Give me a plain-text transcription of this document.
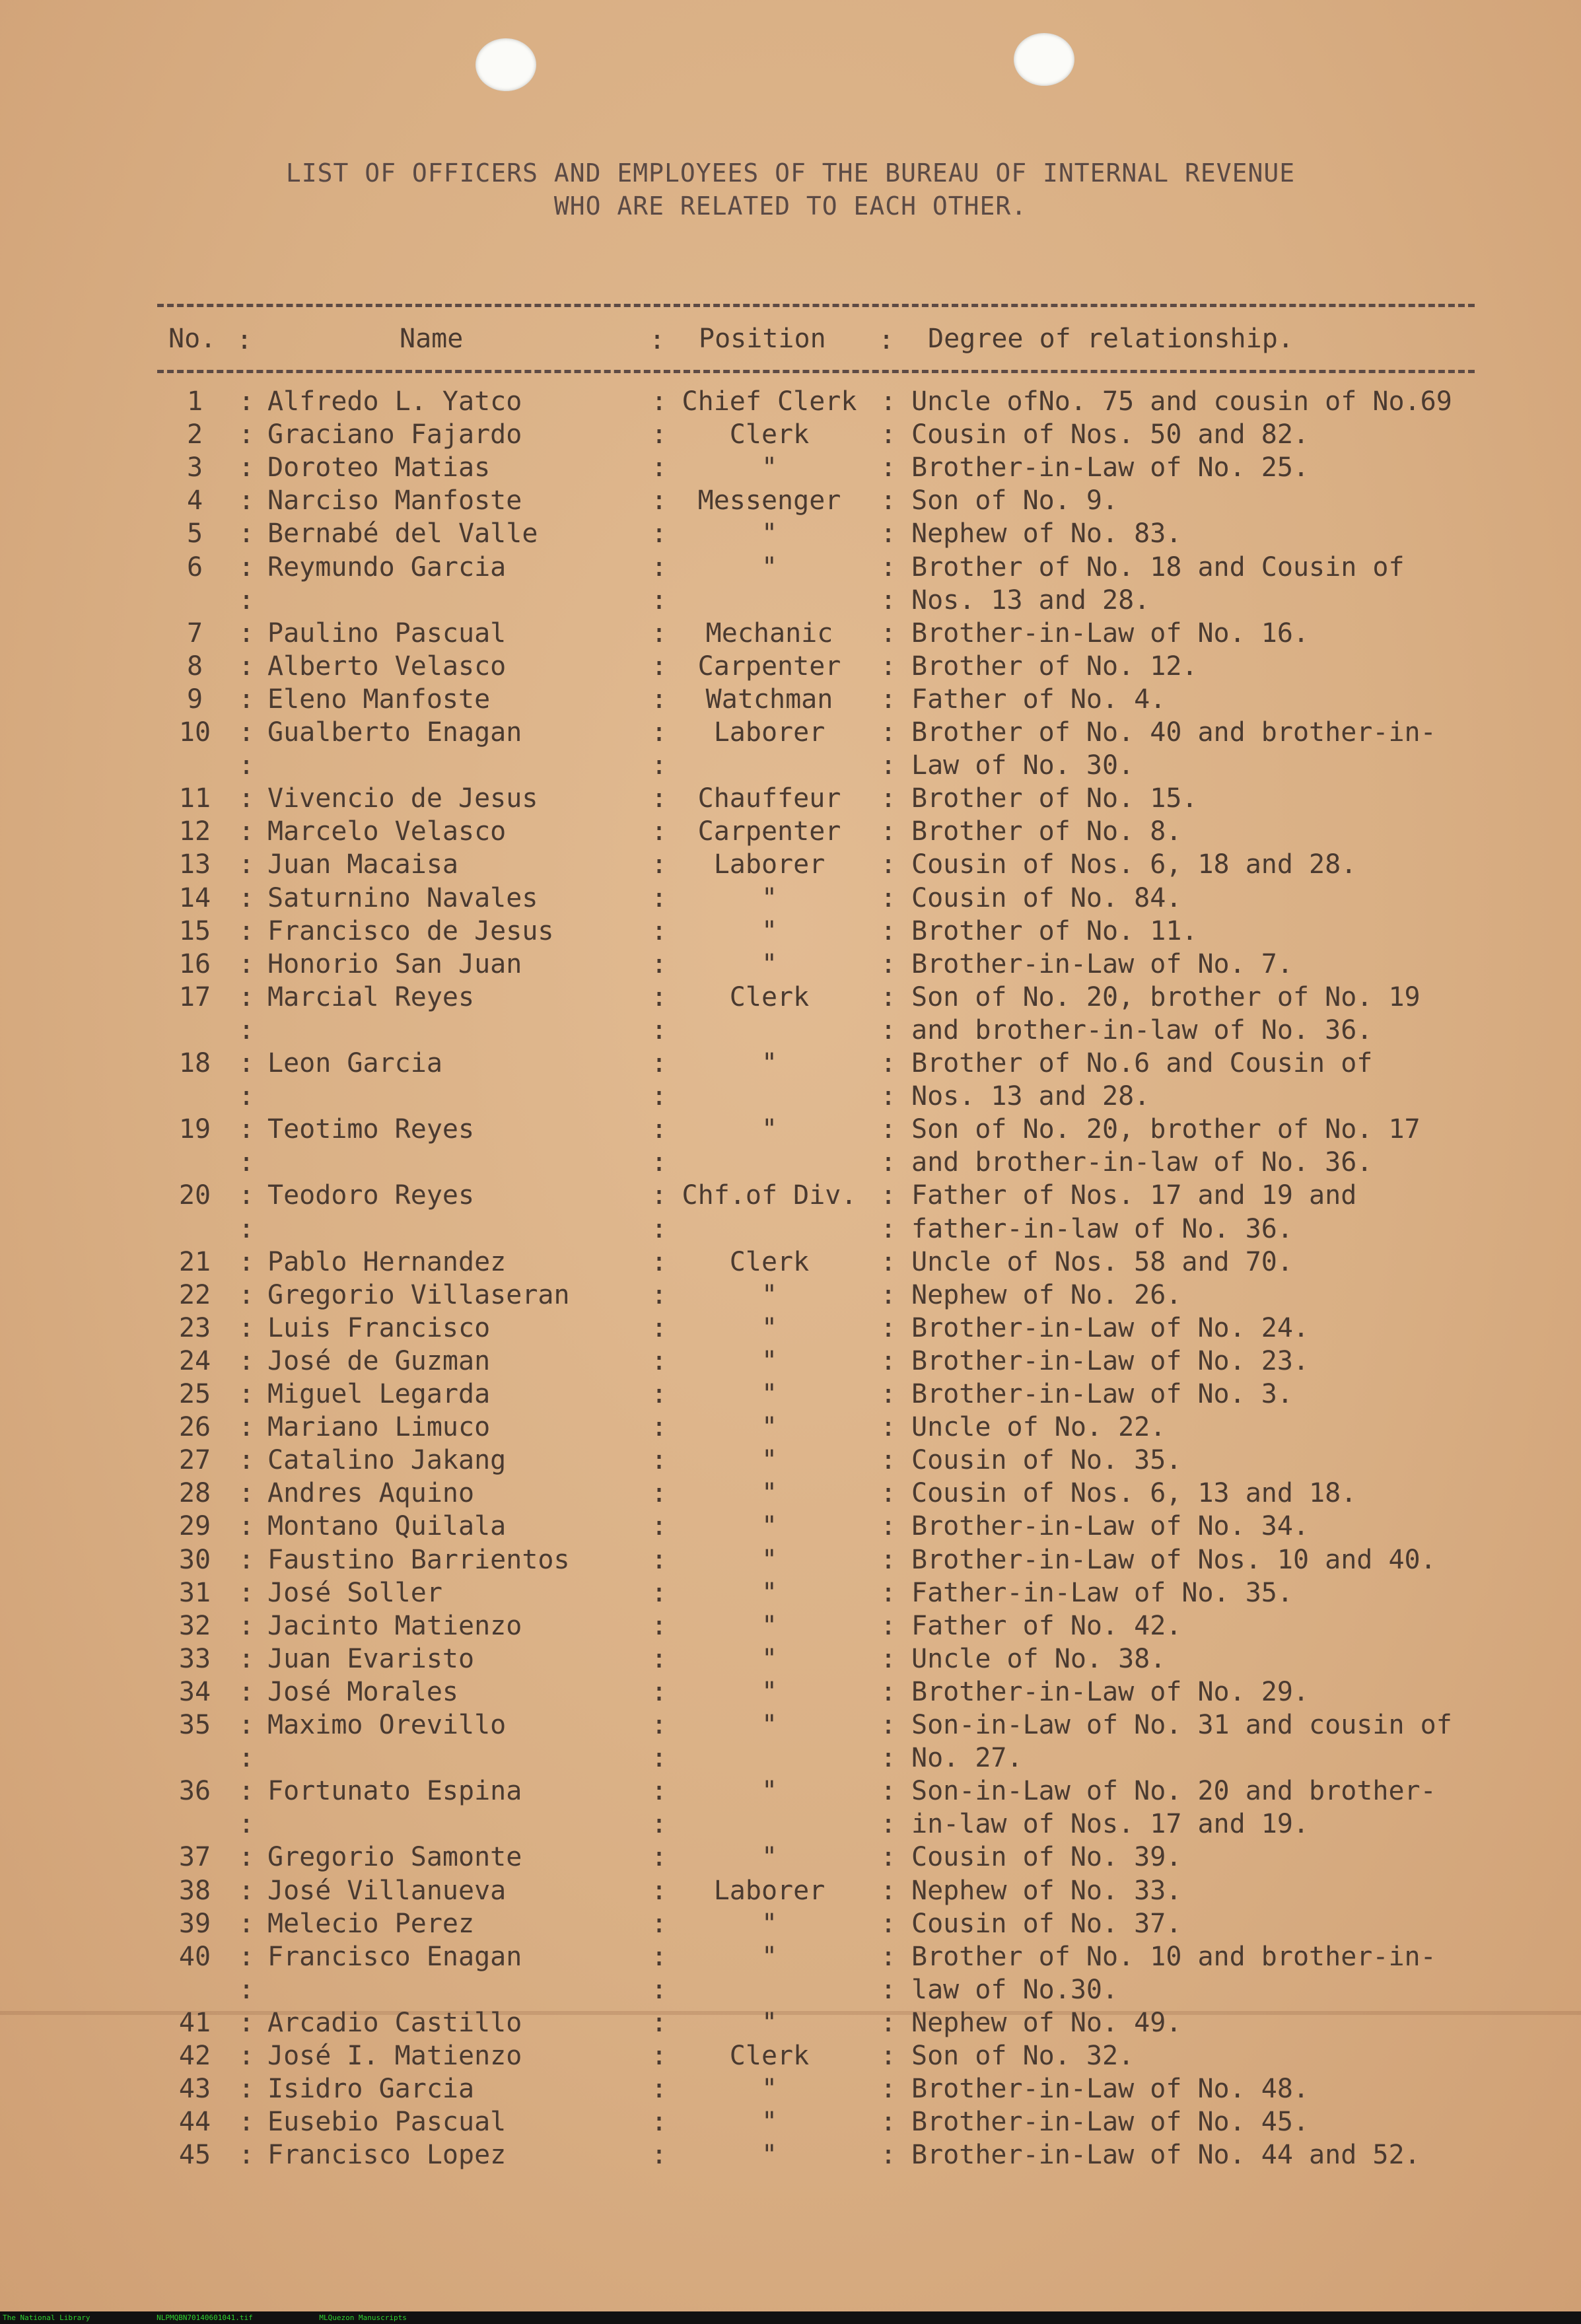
LIST OF OFFICERS AND EMPLOYEES OF THE BUREAU OF INTERNAL REVENUE
WHO ARE RELATED TO EACH OTHER.
No. :	Name	: Position : Degree of relationship.
1	: Alfredo L. Yatco	: Chief Clerk : Uncle ofNo. 75 and cousin of No.69
2	: Graciano Fajardo	:	Clerk	: Cousin of Nos. 50 and 82.
3	: Doroteo Matias	:	"	: Brother-in-Law of No. 25.
4	: Narciso Manfoste	:	Messenger	: Son of No. 9.
5	: Bernabé del Valle	:	"	: Nephew of No. 83.
6	: Reymundo Garcia	:	"	: Brother of No. 18 and Cousin of
:	:	: Nos. 13 and 28.
7	: Paulino Pascual	:	Mechanic	: Brother-in-Law of No. 16.
8	: Alberto Velasco	:	Carpenter	: Brother of No. 12.
9	: Eleno Manfoste	:	Watchman	: Father of No. 4.
10	: Gualberto Enagan	:	Laborer	: Brother of No. 40 and brother-in-
:	:	: Law of No. 30.
11	: Vivencio de Jesus	:	Chauffeur	: Brother of No. 15.
12	: Marcelo Velasco	:	Carpenter	: Brother of No. 8.
13	: Juan Macaisa	:	Laborer	: Cousin of Nos. 6, 18 and 28.
14	: Saturnino Navales	:	"	: Cousin of No. 84.
15	: Francisco de Jesus	:	"	: Brother of No. 11.
16	: Honorio San Juan	:	"	: Brother-in-Law of No. 7.
17	: Marcial Reyes	:	Clerk	: Son of No. 20, brother of No. 19
:	:	: and brother-in-law of No. 36.
18	: Leon Garcia	:	"	: Brother of No.6 and Cousin of
:	:	: Nos. 13 and 28.
19	: Teotimo Reyes	:	"	: Son of No. 20, brother of No. 17
:	:	: and brother-in-law of No. 36.
20	: Teodoro Reyes	: Chf.of Div. : Father of Nos. 17 and 19 and
:	:	: father-in-law of No. 36.
21	: Pablo Hernandez	:	Clerk	: Uncle of Nos. 58 and 70.
22	: Gregorio Villaseran	:	"	: Nephew of No. 26.
23	: Luis Francisco	:	"	: Brother-in-Law of No. 24.
24	: José de Guzman	:	"	: Brother-in-Law of No. 23.
25	: Miguel Legarda	:	"	: Brother-in-Law of No. 3.
26	: Mariano Limuco	:	"	: Uncle of No. 22.
27	: Catalino Jakang	:	"	: Cousin of No. 35.
28	: Andres Aquino	:	"	: Cousin of Nos. 6, 13 and 18.
29	: Montano Quilala	:	"	: Brother-in-Law of No. 34.
30	: Faustino Barrientos	:	"	: Brother-in-Law of Nos. 10 and 40.
31	: José Soller	:	"	: Father-in-Law of No. 35.
32	: Jacinto Matienzo	:	"	: Father of No. 42.
33	: Juan Evaristo	:	"	: Uncle of No. 38.
34	: José Morales	:	"	: Brother-in-Law of No. 29.
35	: Maximo Orevillo	:	"	: Son-in-Law of No. 31 and cousin of
:	:	: No. 27.
36	: Fortunato Espina	:	"	: Son-in-Law of No. 20 and brother-
:	:	: in-law of Nos. 17 and 19.
37	: Gregorio Samonte	:	"	: Cousin of No. 39.
38	: José Villanueva	:	Laborer	: Nephew of No. 33.
39	: Melecio Perez	:	"	: Cousin of No. 37.
40	: Francisco Enagan	:	"	: Brother of No. 10 and brother-in-
:	:	: law of No.30.
41	: Arcadio Castillo	:	"	: Nephew of No. 49.
42	: José I. Matienzo	:	Clerk	: Son of No. 32.
43	: Isidro Garcia	:	"	: Brother-in-Law of No. 48.
44	: Eusebio Pascual	:	"	: Brother-in-Law of No. 45.
45	: Francisco Lopez	:	"	: Brother-in-Law of No. 44 and 52.
The National Library	NLPMQBN70140601041.tif	MLQuezon Manuscripts
